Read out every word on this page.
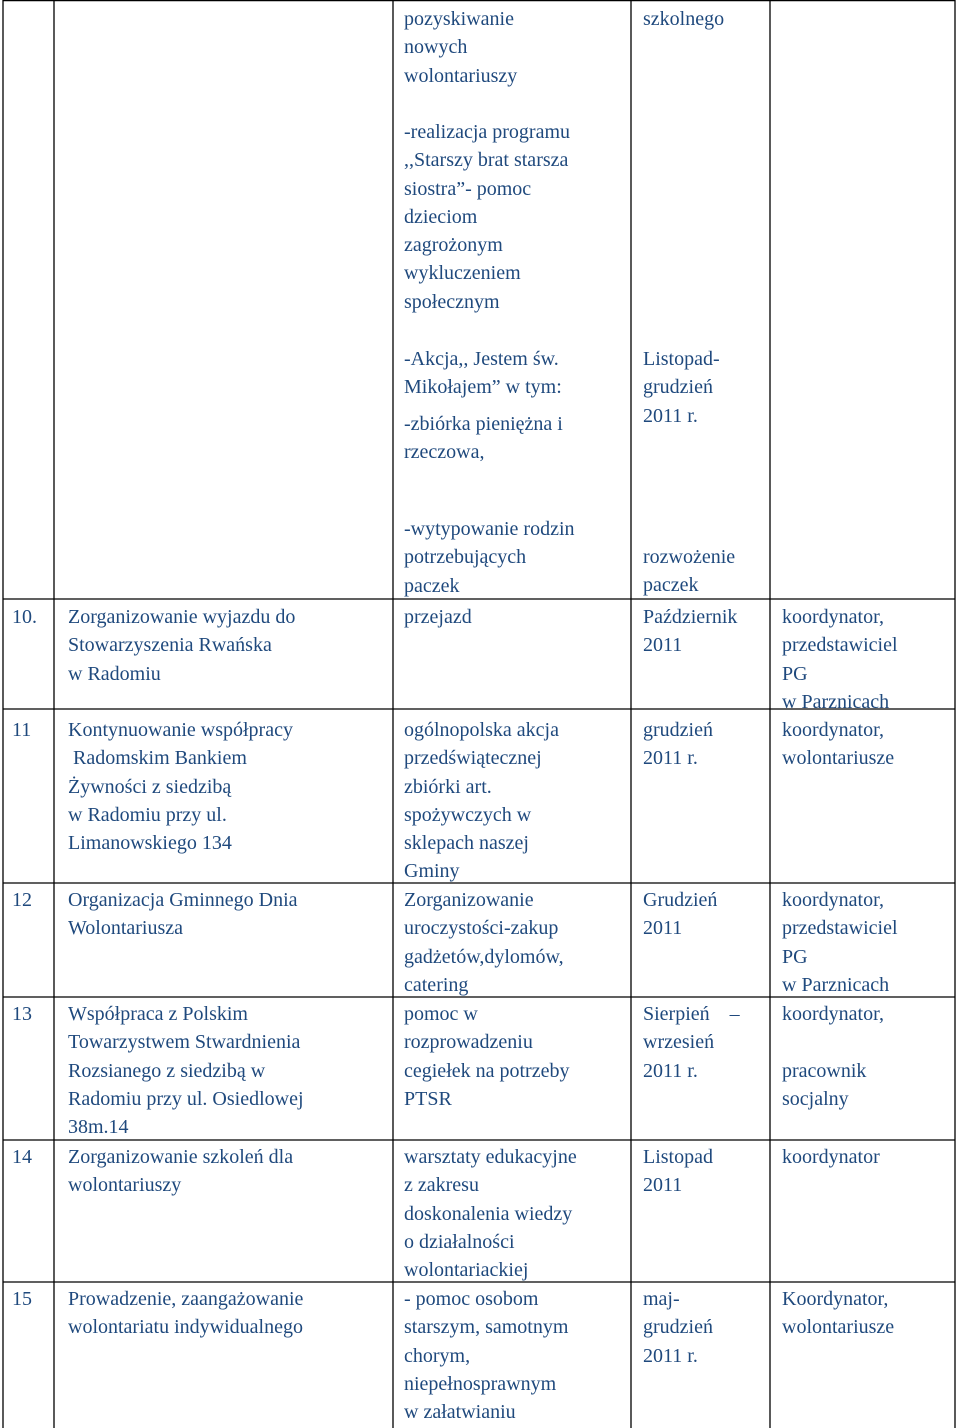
pozyskiwanie
nowych
wolontariuszy
-realizacja programu
,,Starszy brat starsza
siostra”- pomoc
dzieciom
zagrożonym
wykluczeniem
społecznym
-Akcja,, Jestem św.
Mikołajem” w tym:
-zbiórka pieniężna i
rzeczowa,
-wytypowanie rodzin
potrzebujących
paczek
szkolnego
Listopad-
grudzień
2011 r.
rozwożenie
paczek
10. Zorganizowanie wyjazdu do
Stowarzyszenia Rwańska
w Radomiu
przejazd	Październik
2011
koordynator,
przedstawiciel
PG
w Parznicach
11 Kontynuowanie współpracy
Radomskim Bankiem
Żywności z siedzibą
w Radomiu przy ul.
Limanowskiego 134
ogólnopolska akcja
przedświątecznej
zbiórki art.
spożywczych w
sklepach naszej
Gminy
grudzień
2011 r.
koordynator,
wolontariusze
12 Organizacja Gminnego Dnia
Wolontariusza
Zorganizowanie
uroczystości-zakup
gadżetów,dylomów,
catering
Grudzień
2011
koordynator,
przedstawiciel
PG
w Parznicach
13 Współpraca z Polskim
Towarzystwem Stwardnienia
Rozsianego z siedzibą w
Radomiu przy ul. Osiedlowej
38m.14
pomoc w
rozprowadzeniu
cegiełek na potrzeby
PTSR
Sierpień    –
wrzesień
2011 r.
koordynator,
pracownik
socjalny
14 Zorganizowanie szkoleń dla
wolontariuszy
warsztaty edukacyjne
z zakresu
doskonalenia wiedzy
o działalności
wolontariackiej
Listopad
2011
koordynator
15 Prowadzenie, zaangażowanie
wolontariatu indywidualnego
- pomoc osobom
starszym, samotnym
chorym,
niepełnosprawnym
w załatwianiu
maj-
grudzień
2011 r.
Koordynator,
wolontariusze
